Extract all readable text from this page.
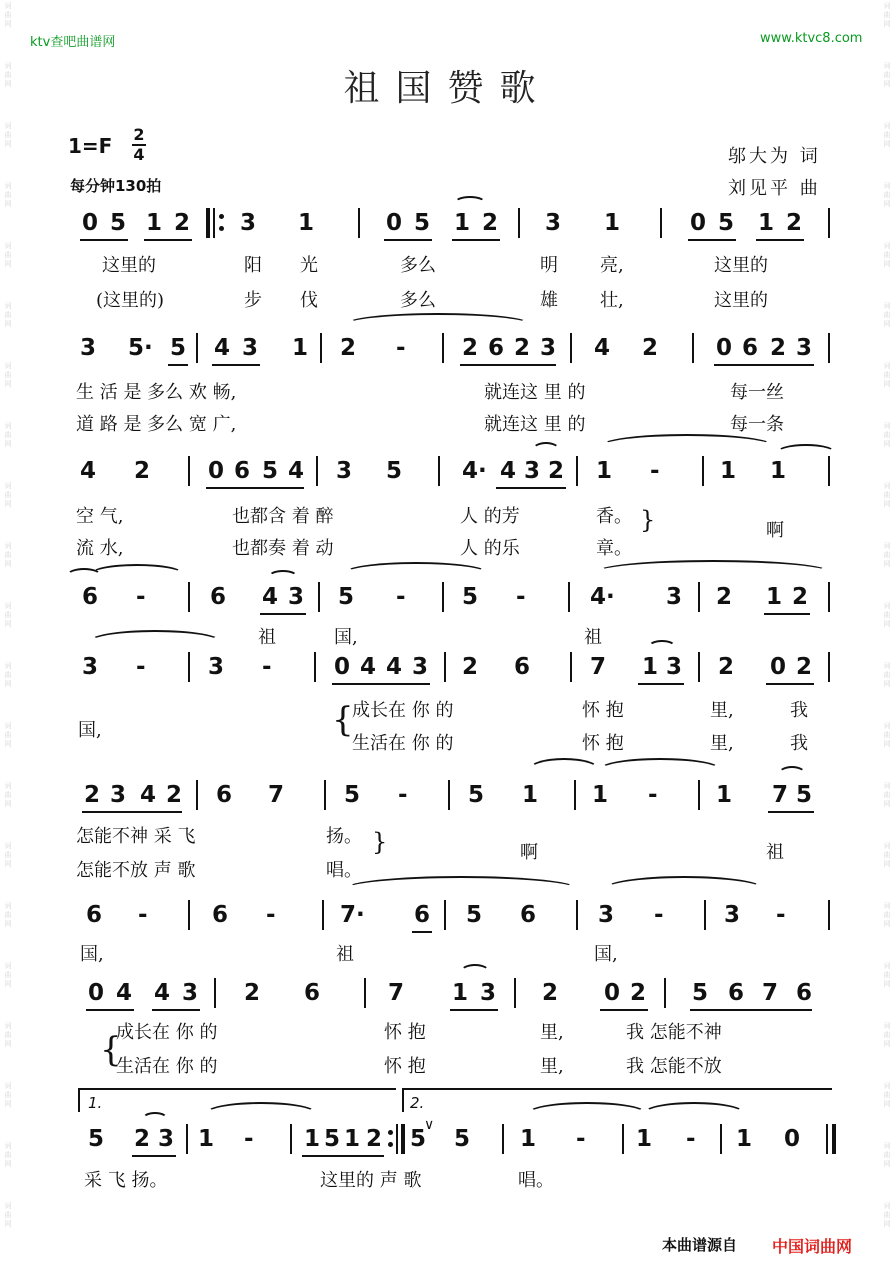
词曲网
词曲网
词曲网
词曲网
词曲网
词曲网
词曲网
词曲网
词曲网
词曲网
词曲网
词曲网
词曲网
词曲网
词曲网
词曲网
词曲网
词曲网
词曲网
词曲网
词曲网
词曲网
词曲网
词曲网
词曲网
词曲网
词曲网
词曲网
词曲网
词曲网
词曲网
词曲网
词曲网
词曲网
词曲网
词曲网
词曲网
词曲网
词曲网
词曲网
词曲网
词曲网
ktv查吧曲谱网	www.ktvc8.com
祖国赞歌
1=F 2
4
每分钟130拍
邬大为 词
刘见平 曲
0 5 1 2 3 1	0 5 1 2 3 1	0 5 1 2
这里的	阳 光	多么	明 亮,	这里的
(这里的)	步 伐	多么	雄 壮,	这里的
3 5· 5 4 3 1 2 - 2 6 2 3 4 2	0 6 2 3
生 活 是 多么 欢 畅,	就连这 里 的	每一丝
道 路 是 多么 宽 广,	就连这 里 的	每一条
4 2	0 6 5 4 3 5	4· 4 3 2 1 -	1 1
空 气,	也都含 着 醉	人 的芳	香。
流 水,	也都奏 着 动	人 的乐	章。
}	啊
6 -	6 4 3 5 - 5 -	4· 3 2 1 2
祖	国,	祖
3 -	3 -	0 4 4 3 2 6	7 1 3 2 0 2
国,	{
成长在 你 的	怀 抱	里,	我
生活在 你 的	怀 抱	里,	我
2 3 4 2 6 7	5 -	5 1 1 -	1 7 5
怎能不神 采 飞	扬。
怎能不放 声 歌	唱。
}	啊	祖
6 -	6 -	7· 6 5 6	3 -	3 -
国,	祖	国,
0 4 4 3 2 6	7 1 3 2 0 2 5 6 7 6
{
成长在 你 的	怀 抱	里,	我 怎能不神
生活在 你 的	怀 抱	里,	我 怎能不放
1.	2.
5 2 3 1 - 1 5 1 2 5
∨
5 1 - 1 - 1 0
采 飞 扬。	这里的 声 歌	唱。
本曲谱源自 中国词曲网
